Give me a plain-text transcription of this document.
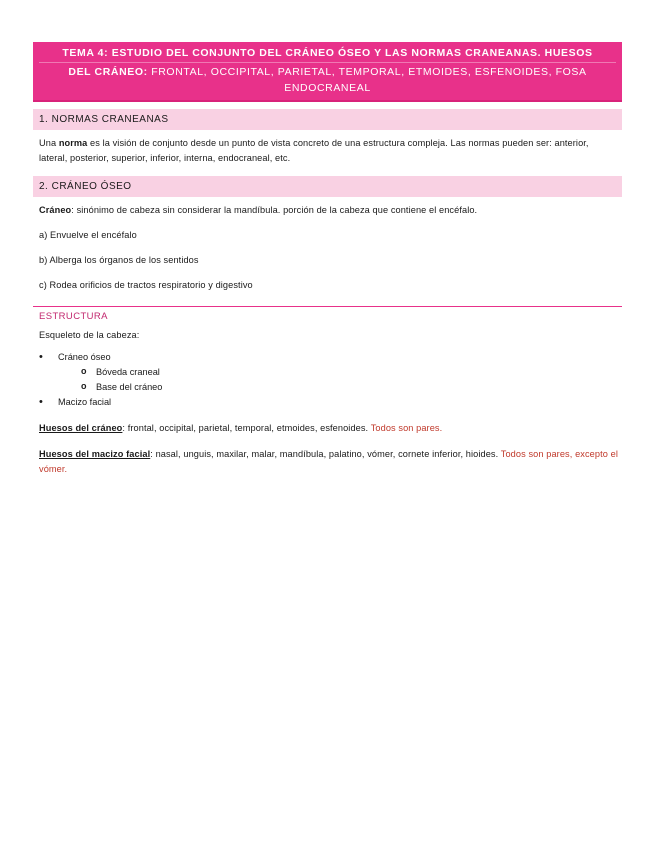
TEMA 4: ESTUDIO DEL CONJUNTO DEL CRÁNEO ÓSEO Y LAS NORMAS CRANEANAS. HUESOS
DEL CRÁNEO: FRONTAL, OCCIPITAL, PARIETAL, TEMPORAL, ETMOIDES, ESFENOIDES, FOSA ENDOCRANEAL
1. NORMAS CRANEANAS

Una norma es la visión de conjunto desde un punto de vista concreto de una estructura compleja. Las normas pueden ser: anterior, lateral, posterior, superior, inferior, interna, endocraneal, etc.

2. CRÁNEO ÓSEO

Cráneo: sinónimo de cabeza sin considerar la mandíbula. porción de la cabeza que contiene el encéfalo.

a) Envuelve el encéfalo

b) Alberga los órganos de los sentidos

c) Rodea orificios de tractos respiratorio y digestivo

ESTRUCTURA

Esqueleto de la cabeza:

• Cráneo óseo
o Bóveda craneal
o Base del cráneo
• Macizo facial

Huesos del cráneo: frontal, occipital, parietal, temporal, etmoides, esfenoides. Todos son pares.

Huesos del macizo facial: nasal, unguis, maxilar, malar, mandíbula, palatino, vómer, cornete inferior, hioides. Todos son pares, excepto el vómer.
